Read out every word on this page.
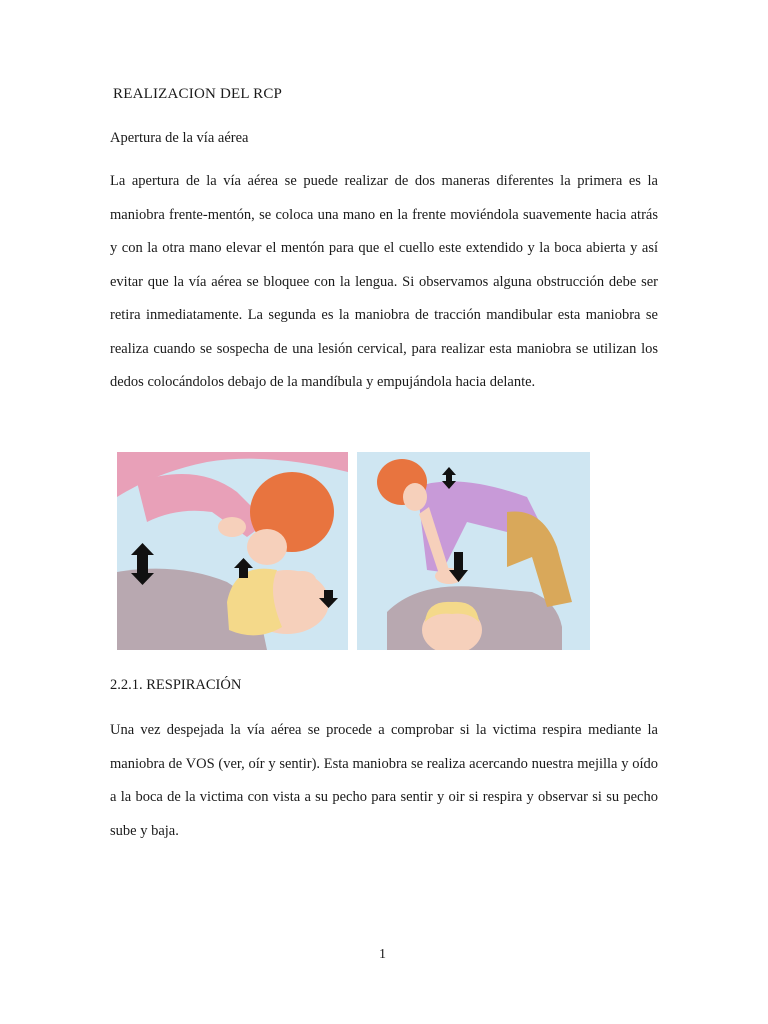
REALIZACION DEL RCP
Apertura de la vía aérea

La apertura de la vía aérea se puede realizar de dos maneras diferentes la primera es la maniobra frente-mentón, se coloca una mano en la frente moviéndola suavemente hacia atrás y con la otra mano elevar el mentón para que el cuello este extendido y la boca abierta y así evitar que la vía aérea se bloquee con la lengua. Si observamos alguna obstrucción debe ser retira inmediatamente. La segunda es la maniobra de tracción mandibular esta maniobra se realiza cuando se sospecha de una lesión cervical, para realizar esta maniobra se utilizan los dedos colocándolos debajo de la mandíbula y empujándola hacia delante.

2.2.1. RESPIRACIÓN

Una vez despejada la vía aérea se procede a comprobar si la victima respira mediante la maniobra de VOS (ver, oír y sentir). Esta maniobra se realiza acercando nuestra mejilla y oído a la boca de la victima con vista a su pecho para sentir y oir si respira y observar si su pecho sube y baja.

1
